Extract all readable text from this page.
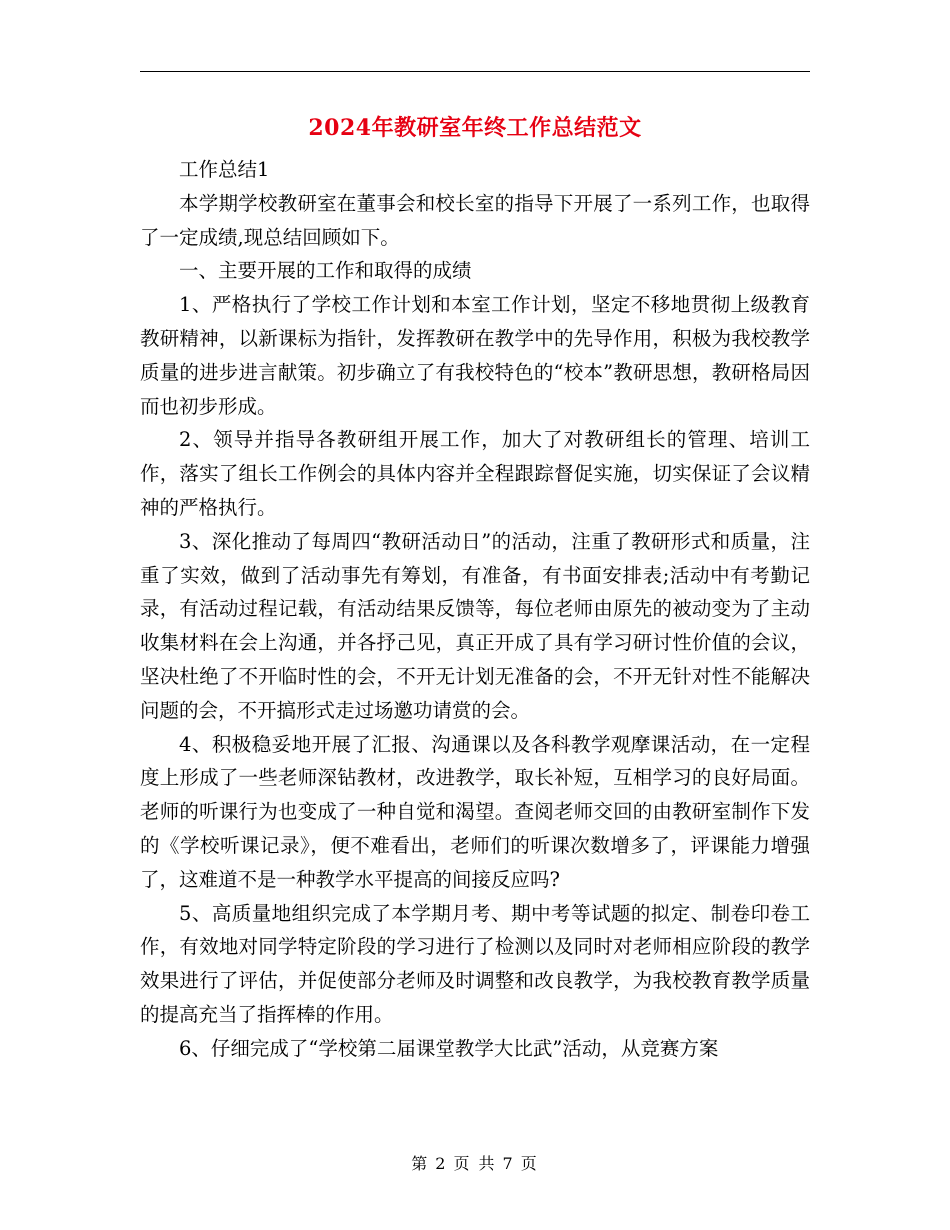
2024年教研室年终工作总结范文

工作总结1

本学期学校教研室在董事会和校长室的指导下开展了一系列工作，也取得了一定成绩,现总结回顾如下。

一、主要开展的工作和取得的成绩

1、严格执行了学校工作计划和本室工作计划，坚定不移地贯彻上级教育教研精神，以新课标为指针，发挥教研在教学中的先导作用，积极为我校教学质量的进步进言献策。初步确立了有我校特色的“校本”教研思想，教研格局因而也初步形成。

2、领导并指导各教研组开展工作，加大了对教研组长的管理、培训工作，落实了组长工作例会的具体内容并全程跟踪督促实施，切实保证了会议精神的严格执行。

3、深化推动了每周四“教研活动日”的活动，注重了教研形式和质量，注重了实效，做到了活动事先有筹划，有准备，有书面安排表;活动中有考勤记录，有活动过程记载，有活动结果反馈等，每位老师由原先的被动变为了主动收集材料在会上沟通，并各抒己见，真正开成了具有学习研讨性价值的会议，坚决杜绝了不开临时性的会，不开无计划无准备的会，不开无针对性不能解决问题的会，不开搞形式走过场邀功请赏的会。

4、积极稳妥地开展了汇报、沟通课以及各科教学观摩课活动，在一定程度上形成了一些老师深钻教材，改进教学，取长补短，互相学习的良好局面。老师的听课行为也变成了一种自觉和渴望。查阅老师交回的由教研室制作下发的《学校听课记录》，便不难看出，老师们的听课次数增多了，评课能力增强了，这难道不是一种教学水平提高的间接反应吗?

5、高质量地组织完成了本学期月考、期中考等试题的拟定、制卷印卷工作，有效地对同学特定阶段的学习进行了检测以及同时对老师相应阶段的教学效果进行了评估，并促使部分老师及时调整和改良教学，为我校教育教学质量的提高充当了指挥棒的作用。

6、仔细完成了“学校第二届课堂教学大比武”活动，从竞赛方案

第 2 页 共 7 页
